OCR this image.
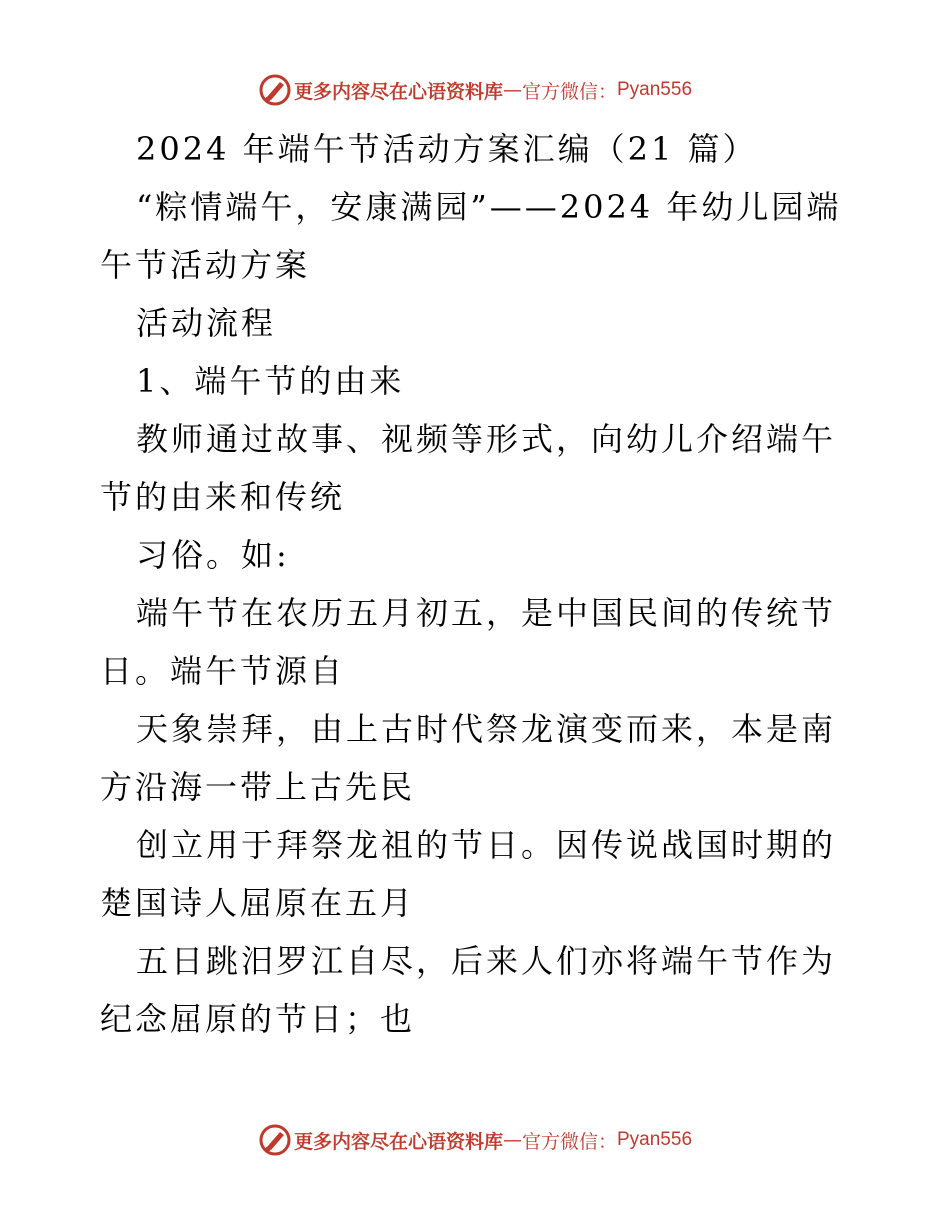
更多内容尽在心语资料库 — 官方微信： Pyan556

2024 年端午节活动方案汇编（21 篇）

“粽情端午，安康满园”——2024 年幼儿园端午节活动方案

活动流程

1、端午节的由来

教师通过故事、视频等形式，向幼儿介绍端午节的由来和传统

习俗。如:

端午节在农历五月初五，是中国民间的传统节日。端午节源自

天象崇拜，由上古时代祭龙演变而来，本是南方沿海一带上古先民

创立用于拜祭龙祖的节日。因传说战国时期的楚国诗人屈原在五月

五日跳汨罗江自尽，后来人们亦将端午节作为纪念屈原的节日；也

更多内容尽在心语资料库 — 官方微信： Pyan556
